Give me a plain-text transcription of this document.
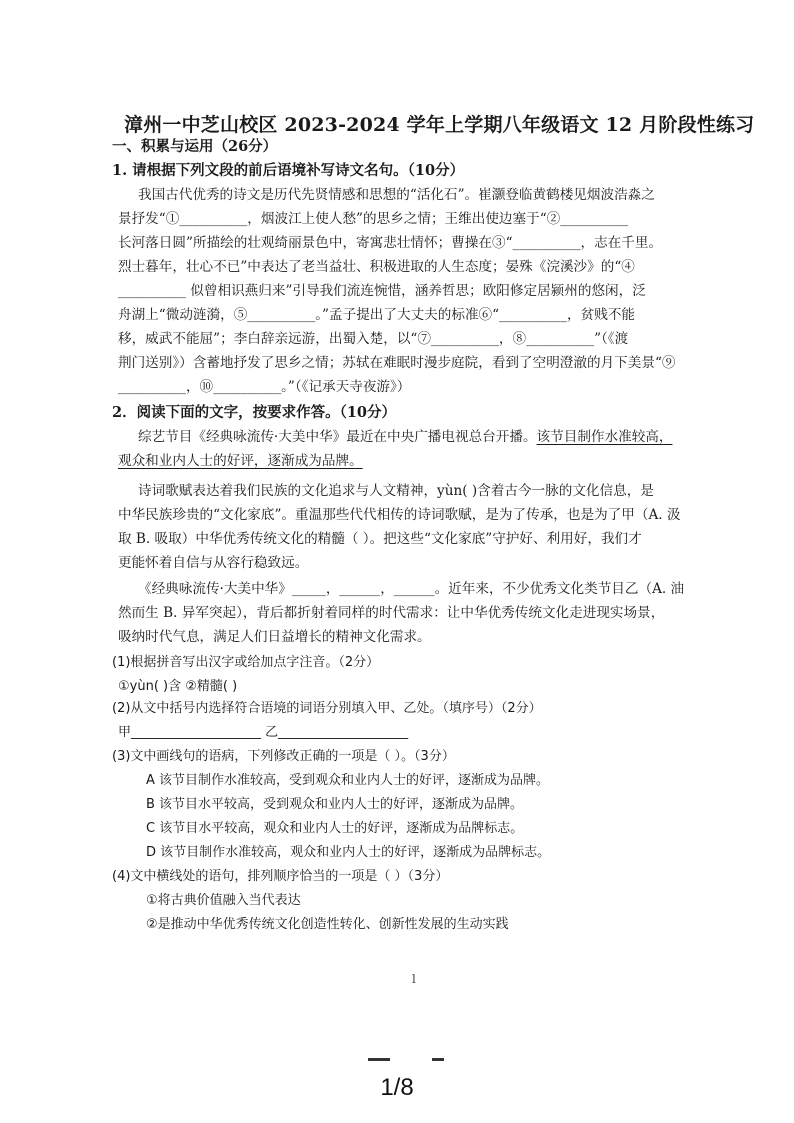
漳州一中芝山校区 2023-2024 学年上学期八年级语文 12 月阶段性练习
一、积累与运用（26分）
1. 请根据下列文段的前后语境补写诗文名句。（10分）
我国古代优秀的诗文是历代先贤情感和思想的“活化石”。崔灏登临黄鹤楼见烟波浩淼之
景抒发“①__________，烟波江上使人愁”的思乡之情；王维出使边塞于“②__________
长河落日圆”所描绘的壮观绮丽景色中，寄寓悲壮情怀；曹操在③“__________，志在千里。
烈士暮年，壮心不已”中表达了老当益壮、积极进取的人生态度；晏殊《浣溪沙》的“④
__________ 似曾相识燕归来”引导我们流连惋惜，涵养哲思；欧阳修定居颍州的悠闲，泛
舟湖上“微动涟漪，⑤__________。”孟子提出了大丈夫的标准⑥“__________，贫贱不能
移，威武不能屈”；李白辞亲远游，出蜀入楚，以“⑦__________，⑧__________”（《渡
荆门送别》）含蓄地抒发了思乡之情；苏轼在难眠时漫步庭院，看到了空明澄澈的月下美景“⑨
__________，⑩__________。”（《记承天寺夜游》）
2．阅读下面的文字，按要求作答。（10分）
综艺节目《经典咏流传·大美中华》最近在中央广播电视总台开播。该节目制作水准较高，
观众和业内人士的好评，逐渐成为品牌。
诗词歌赋表达着我们民族的文化追求与人文精神，yùn( )含着古今一脉的文化信息，是
中华民族珍贵的“文化家底”。重温那些代代相传的诗词歌赋，是为了传承，也是为了甲（A. 汲
取 B. 吸取）中华优秀传统文化的精髓（ ）。把这些“文化家底”守护好、利用好，我们才
更能怀着自信与从容行稳致远。
《经典咏流传·大美中华》_____，______，______。近年来，不少优秀文化类节目乙（A. 油
然而生 B. 异军突起），背后都折射着同样的时代需求：让中华优秀传统文化走进现实场景，
吸纳时代气息，满足人们日益增长的精神文化需求。
(1)根据拼音写出汉字或给加点字注音。（2分）
①yùn( )含 ②精髓( )
(2)从文中括号内选择符合语境的词语分别填入甲、乙处。（填序号）（2分）
甲____________________ 乙____________________
(3)文中画线句的语病，下列修改正确的一项是（ ）。（3分）
A 该节目制作水准较高，受到观众和业内人士的好评，逐渐成为品牌。
B 该节目水平较高，受到观众和业内人士的好评，逐渐成为品牌。
C 该节目水平较高，观众和业内人士的好评，逐渐成为品牌标志。
D 该节目制作水准较高，观众和业内人士的好评，逐渐成为品牌标志。
(4)文中横线处的语句，排列顺序恰当的一项是（ ）（3分）
①将古典价值融入当代表达
②是推动中华优秀传统文化创造性转化、创新性发展的生动实践
l
1/8
